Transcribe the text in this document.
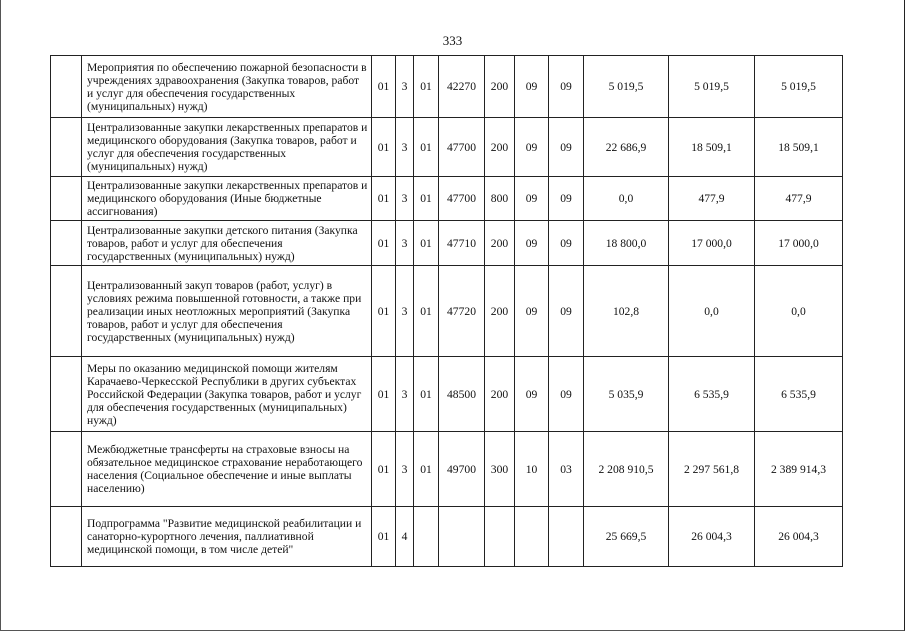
333
	Мероприятия по обеспечению пожарной безопасности в учреждениях здравоохранения (Закупка товаров, работ и услуг для обеспечения государственных (муниципальных) нужд)	01	3	01	42270	200	09	09	5 019,5	5 019,5	5 019,5
	Централизованные закупки лекарственных препаратов и медицинского оборудования (Закупка товаров, работ и услуг для обеспечения государственных (муниципальных) нужд)	01	3	01	47700	200	09	09	22 686,9	18 509,1	18 509,1
	Централизованные закупки лекарственных препаратов и медицинского оборудования (Иные бюджетные ассигнования)	01	3	01	47700	800	09	09	0,0	477,9	477,9
	Централизованные закупки детского питания (Закупка товаров, работ и услуг для обеспечения государственных (муниципальных) нужд)	01	3	01	47710	200	09	09	18 800,0	17 000,0	17 000,0
	Централизованный закуп товаров (работ, услуг) в условиях режима повышенной готовности, а также при реализации иных неотложных мероприятий (Закупка товаров, работ и услуг для обеспечения государственных (муниципальных) нужд)	01	3	01	47720	200	09	09	102,8	0,0	0,0
	Меры по оказанию медицинской помощи жителям Карачаево-Черкесской Республики в других субъектах Российской Федерации (Закупка товаров, работ и услуг для обеспечения государственных (муниципальных) нужд)	01	3	01	48500	200	09	09	5 035,9	6 535,9	6 535,9
	Межбюджетные трансферты на страховые взносы на обязательное медицинское страхование неработающего населения (Социальное обеспечение и иные выплаты населению)	01	3	01	49700	300	10	03	2 208 910,5	2 297 561,8	2 389 914,3
	Подпрограмма "Развитие медицинской реабилитации и санаторно-курортного лечения, паллиативной медицинской помощи, в том числе детей"	01	4						25 669,5	26 004,3	26 004,3
